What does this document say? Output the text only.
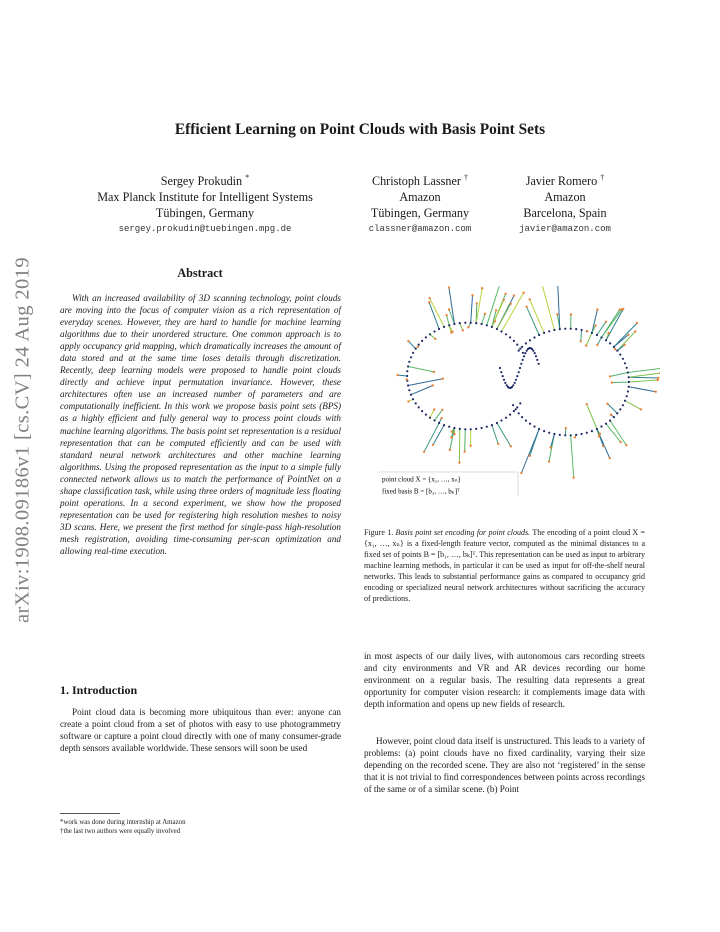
arXiv:1908.09186v1 [cs.CV] 24 Aug 2019
Efficient Learning on Point Clouds with Basis Point Sets
Sergey Prokudin *
Max Planck Institute for Intelligent Systems
Tübingen, Germany
sergey.prokudin@tuebingen.mpg.de
Christoph Lassner †
Amazon
Tübingen, Germany
classner@amazon.com
Javier Romero †
Amazon
Barcelona, Spain
javier@amazon.com
Abstract
With an increased availability of 3D scanning technology, point clouds are moving into the focus of computer vision as a rich representation of everyday scenes. However, they are hard to handle for machine learning algorithms due to their unordered structure. One common approach is to apply occupancy grid mapping, which dramatically increases the amount of data stored and at the same time loses details through discretization. Recently, deep learning models were proposed to handle point clouds directly and achieve input permutation invariance. However, these architectures often use an increased number of parameters and are computationally inefficient. In this work we propose basis point sets (BPS) as a highly efficient and fully general way to process point clouds with machine learning algorithms. The basis point set representation is a residual representation that can be computed efficiently and can be used with standard neural network architectures and other machine learning algorithms. Using the proposed representation as the input to a simple fully connected network allows us to match the performance of PointNet on a shape classification task, while using three orders of magnitude less floating point operations. In a second experiment, we show how the proposed representation can be used for registering high resolution meshes to noisy 3D scans. Here, we present the first method for single-pass high-resolution mesh registration, avoiding time-consuming per-scan optimization and allowing real-time execution.
1. Introduction
Point cloud data is becoming more ubiquitous than ever: anyone can create a point cloud from a set of photos with easy to use photogrammetry software or capture a point cloud directly with one of many consumer-grade depth sensors available worldwide. These sensors will soon be used
*work was done during internship at Amazon
†the last two authors were equally involved
point cloud X = {x₁, …, xₙ}
fixed basis B = [b₁, …, bₖ]ᵀ
Figure 1. Basis point set encoding for point clouds. The encoding of a point cloud X = {x₁, …, xₙ} is a fixed-length feature vector, computed as the minimal distances to a fixed set of points B = [b₁, …, bₖ]ᵀ. This representation can be used as input to arbitrary machine learning methods, in particular it can be used as input for off-the-shelf neural networks. This leads to substantial performance gains as compared to occupancy grid encoding or specialized neural network architectures without sacrificing the accuracy of predictions.
in most aspects of our daily lives, with autonomous cars recording streets and city environments and VR and AR devices recording our home environment on a regular basis. The resulting data represents a great opportunity for computer vision research: it complements image data with depth information and opens up new fields of research.
However, point cloud data itself is unstructured. This leads to a variety of problems: (a) point clouds have no fixed cardinality, varying their size depending on the recorded scene. They are also not ‘registered’ in the sense that it is not trivial to find correspondences between points across recordings of the same or of a similar scene. (b) Point
